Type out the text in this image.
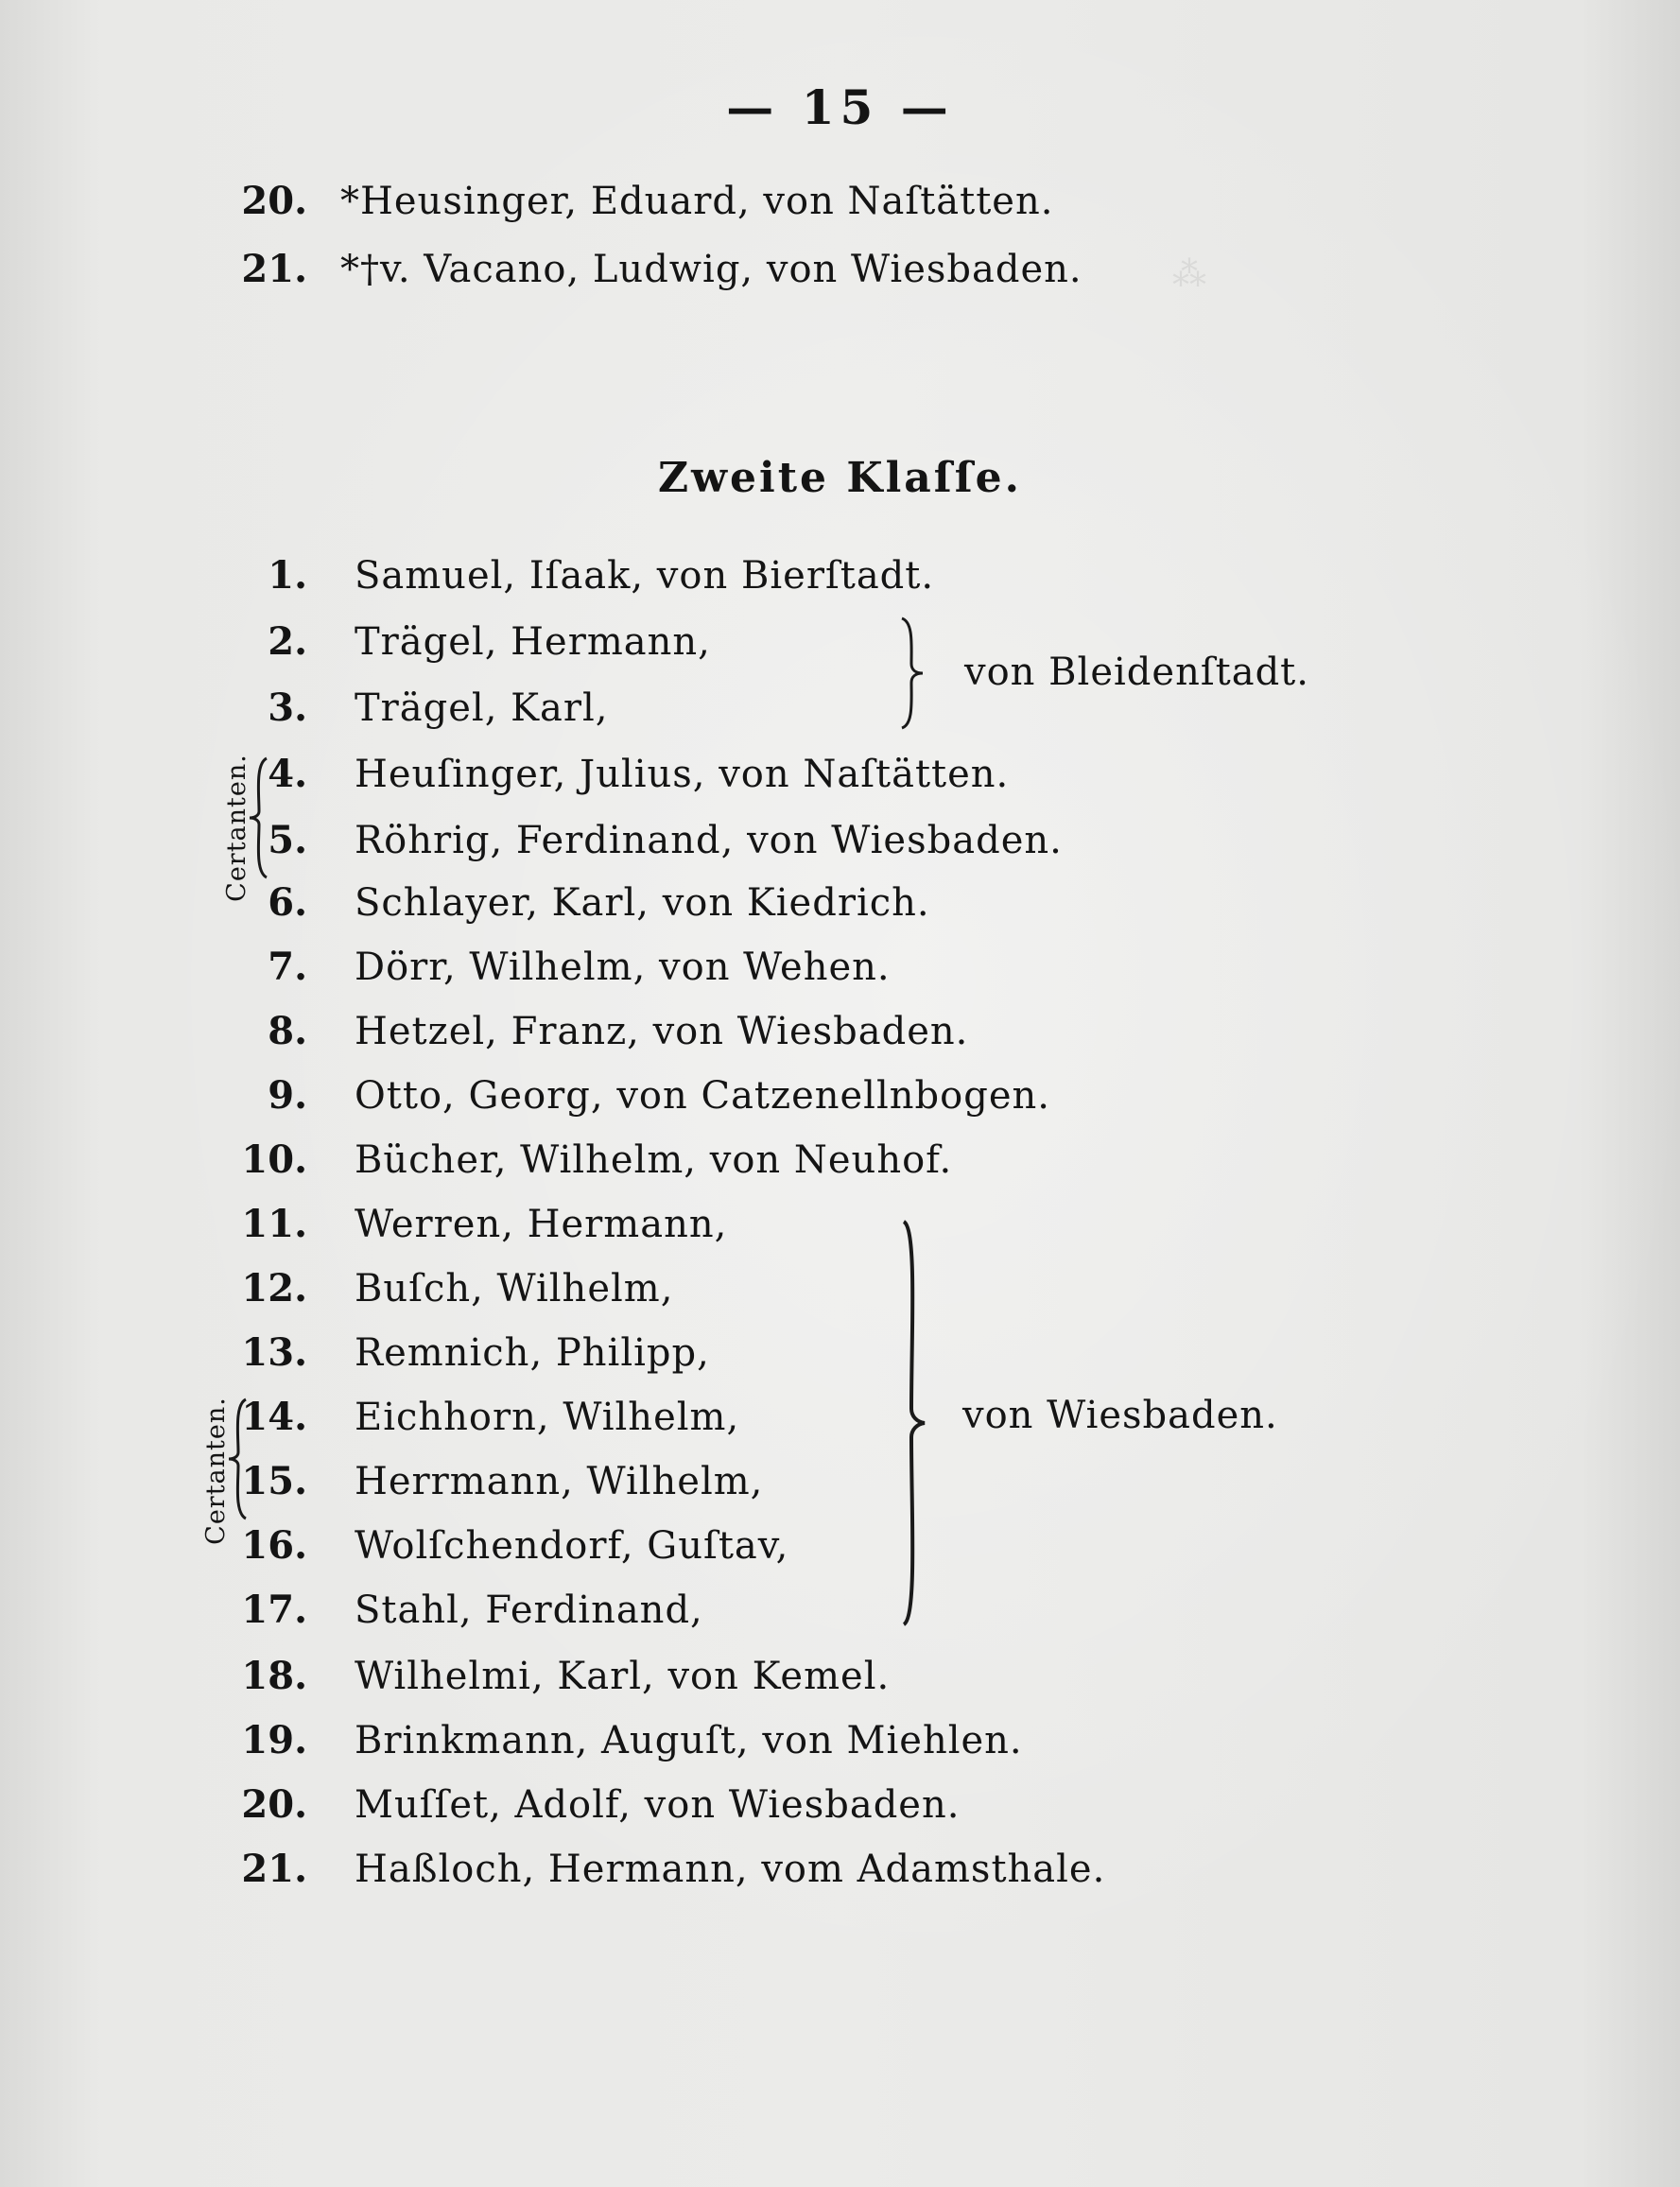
⁂
— 15 —
20. *Heusinger, Eduard, von Naſtätten.
21. *†v. Vacano, Ludwig, von Wiesbaden.
Zweite Klaſſe.
1. Samuel, Iſaak, von Bierſtadt.
2. Trägel, Hermann,
3. Trägel, Karl,
4. Heuſinger, Julius, von Naſtätten.
5. Röhrig, Ferdinand, von Wiesbaden.
6. Schlayer, Karl, von Kiedrich.
7. Dörr, Wilhelm, von Wehen.
8. Hetzel, Franz, von Wiesbaden.
9. Otto, Georg, von Catzenellnbogen.
10. Bücher, Wilhelm, von Neuhof.
11. Werren, Hermann,
12. Buſch, Wilhelm,
13. Remnich, Philipp,
14. Eichhorn, Wilhelm,
15. Herrmann, Wilhelm,
16. Wolſchendorf, Guſtav,
17. Stahl, Ferdinand,
18. Wilhelmi, Karl, von Kemel.
19. Brinkmann, Auguſt, von Miehlen.
20. Muſſet, Adolf, von Wiesbaden.
21. Haßloch, Hermann, vom Adamsthale.
von Bleidenſtadt.
von Wiesbaden.
Certanten.
Certanten.
